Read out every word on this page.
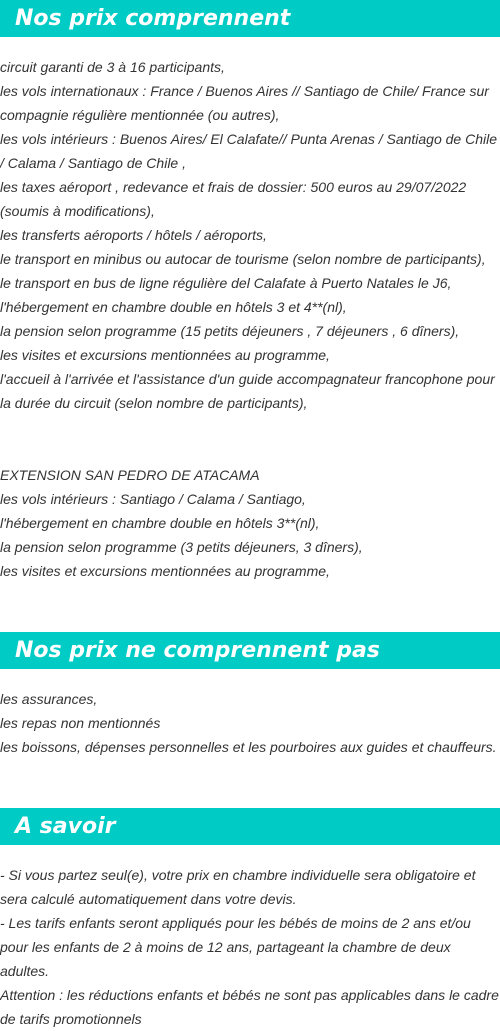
Nos prix comprennent
circuit garanti de 3 à 16 participants,
les vols internationaux : France / Buenos Aires // Santiago de Chile/ France sur compagnie régulière mentionnée (ou autres),
les vols intérieurs : Buenos Aires/ El Calafate// Punta Arenas / Santiago de Chile / Calama / Santiago de Chile ,
les taxes aéroport , redevance et frais de dossier: 500 euros au 29/07/2022 (soumis à modifications),
les transferts aéroports / hôtels / aéroports,
le transport en minibus ou autocar de tourisme (selon nombre de participants),
le transport en bus de ligne régulière del Calafate à Puerto Natales le J6,
l'hébergement en chambre double en hôtels 3 et 4**(nl),
la pension selon programme (15 petits déjeuners , 7 déjeuners , 6 dîners),
les visites et excursions mentionnées au programme,
l'accueil à l'arrivée et l'assistance d'un guide accompagnateur francophone pour la durée du circuit (selon nombre de participants),
EXTENSION SAN PEDRO DE ATACAMA
les vols intérieurs : Santiago / Calama / Santiago,
l'hébergement en chambre double en hôtels 3**(nl),
la pension selon programme (3 petits déjeuners, 3 dîners),
les visites et excursions mentionnées au programme,
Nos prix ne comprennent pas
les assurances,
les repas non mentionnés
les boissons, dépenses personnelles et les pourboires aux guides et chauffeurs.
A savoir
- Si vous partez seul(e), votre prix en chambre individuelle sera obligatoire et sera calculé automatiquement dans votre devis.
- Les tarifs enfants seront appliqués pour les bébés de moins de 2 ans et/ou pour les enfants de 2 à moins de 12 ans, partageant la chambre de deux adultes.
Attention : les réductions enfants et bébés ne sont pas applicables dans le cadre de tarifs promotionnels
